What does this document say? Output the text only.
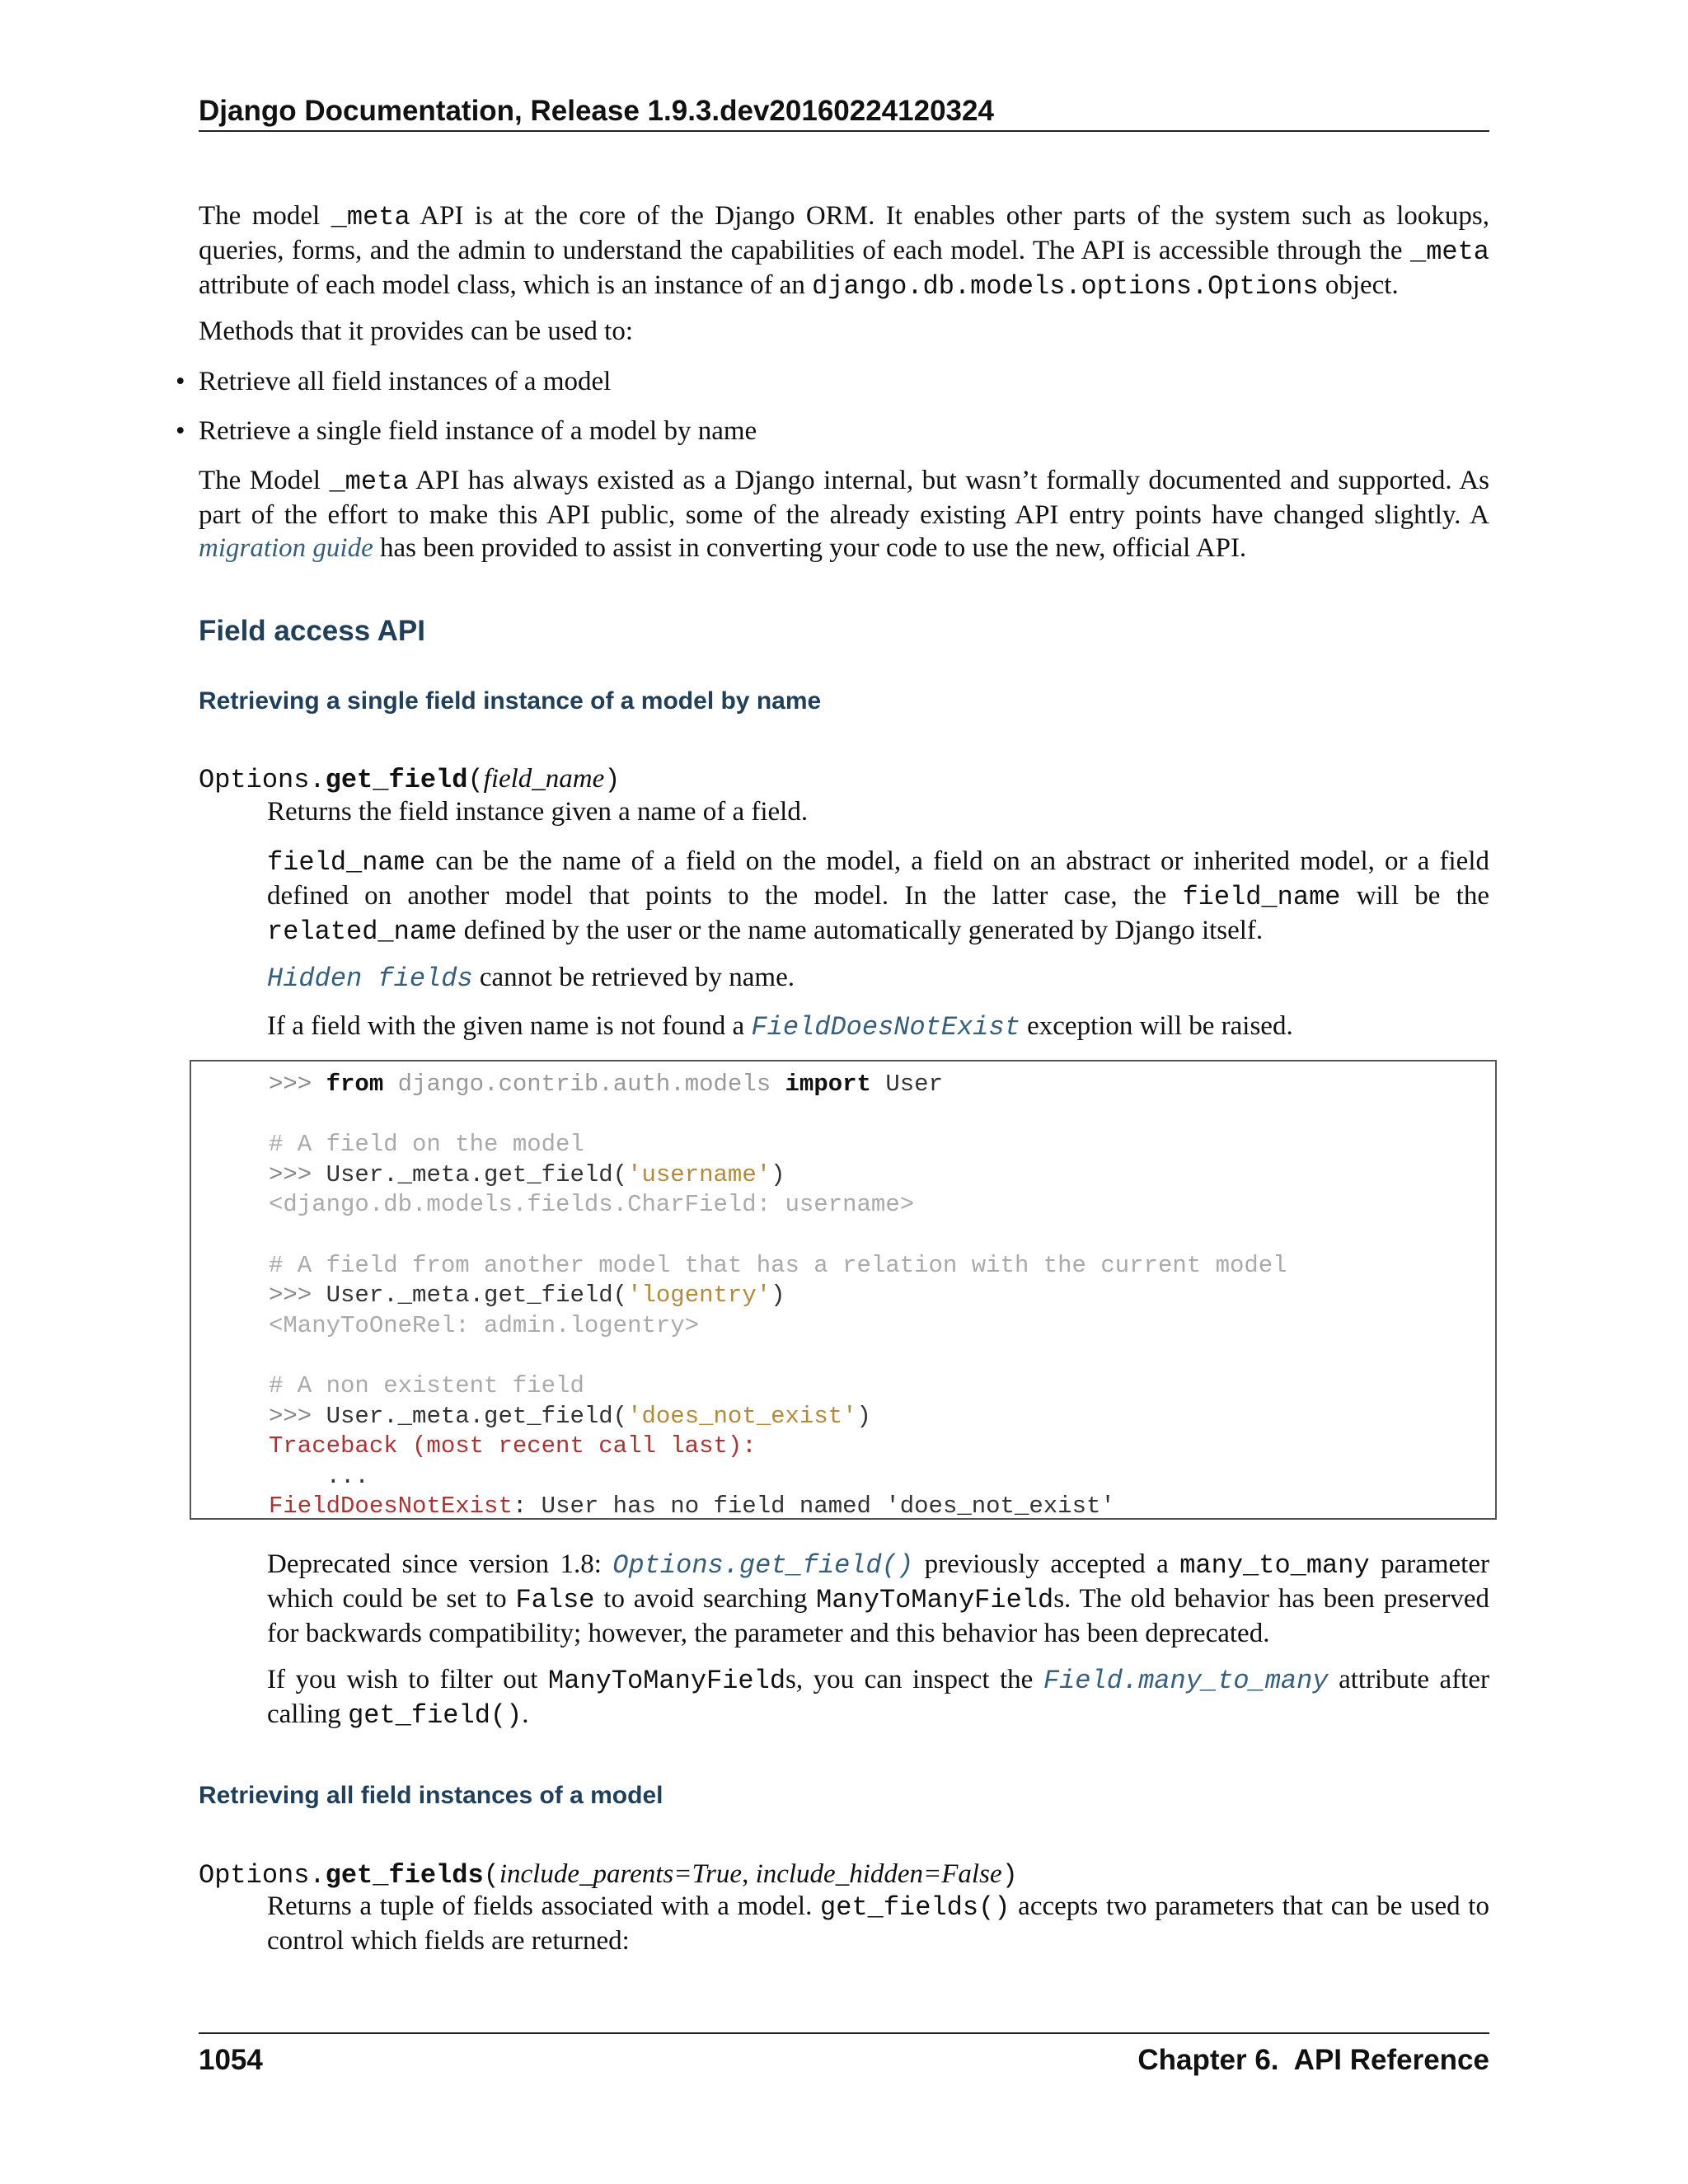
Django Documentation, Release 1.9.3.dev20160224120324

The model _meta API is at the core of the Django ORM. It enables other parts of the system such as lookups, queries, forms, and the admin to understand the capabilities of each model. The API is accessible through the _meta attribute of each model class, which is an instance of an django.db.models.options.Options object.

Methods that it provides can be used to:

• Retrieve all field instances of a model
• Retrieve a single field instance of a model by name

The Model _meta API has always existed as a Django internal, but wasn’t formally documented and supported. As part of the effort to make this API public, some of the already existing API entry points have changed slightly. A migration guide has been provided to assist in converting your code to use the new, official API.

Field access API
Retrieving a single field instance of a model by name
Options.get_field(field_name)

Returns the field instance given a name of a field.

field_name can be the name of a field on the model, a field on an abstract or inherited model, or a field defined on another model that points to the model. In the latter case, the field_name will be the related_name defined by the user or the name automatically generated by Django itself.

Hidden fields cannot be retrieved by name.

If a field with the given name is not found a FieldDoesNotExist exception will be raised.

>>> from django.contrib.auth.models import User

# A field on the model
>>> User._meta.get_field('username')
<django.db.models.fields.CharField: username>

# A field from another model that has a relation with the current model
>>> User._meta.get_field('logentry')
<ManyToOneRel: admin.logentry>

# A non existent field
>>> User._meta.get_field('does_not_exist')
Traceback (most recent call last):
...
FieldDoesNotExist: User has no field named 'does_not_exist'

Deprecated since version 1.8: Options.get_field() previously accepted a many_to_many parameter which could be set to False to avoid searching ManyToManyFields. The old behavior has been preserved for backwards compatibility; however, the parameter and this behavior has been deprecated.

If you wish to filter out ManyToManyFields, you can inspect the Field.many_to_many attribute after calling get_field().

Retrieving all field instances of a model
Options.get_fields(include_parents=True, include_hidden=False)

Returns a tuple of fields associated with a model. get_fields() accepts two parameters that can be used to control which fields are returned:

1054	Chapter 6.  API Reference
